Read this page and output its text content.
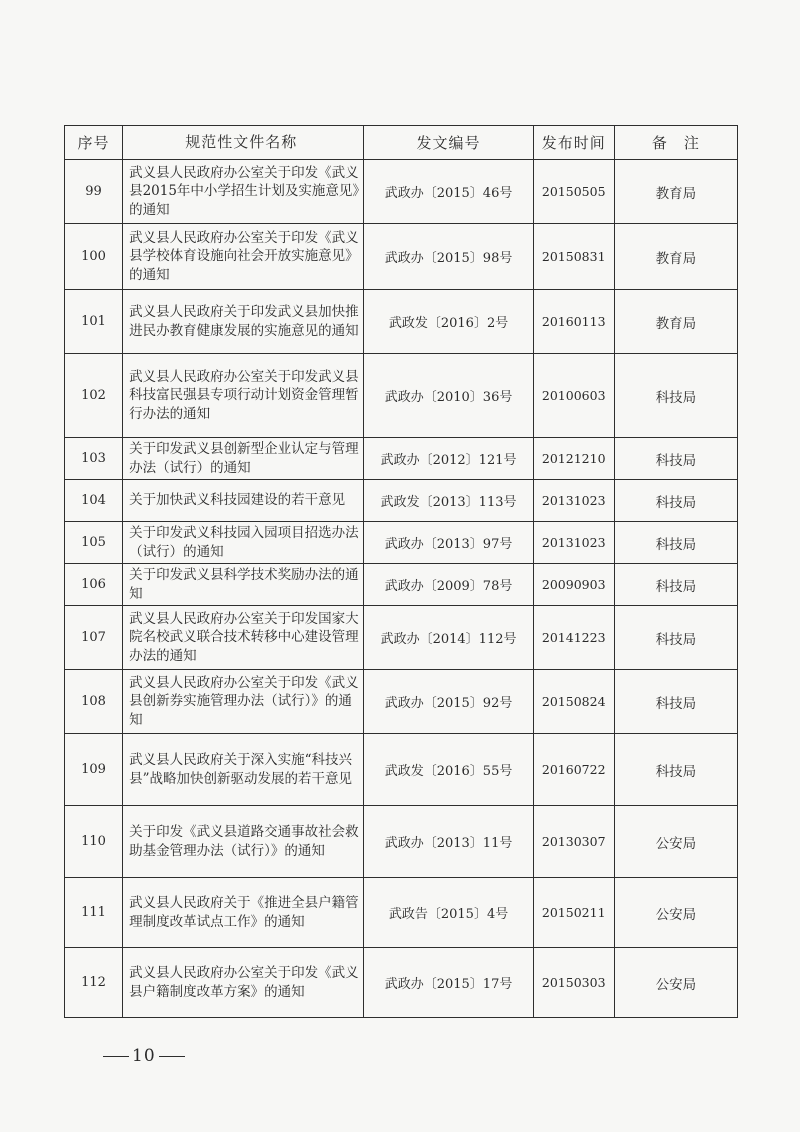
序号	规范性文件名称	发文编号	发布时间	备　注
99	武义县人民政府办公室关于印发《武义县2015年中小学招生计划及实施意见》的通知	武政办〔2015〕46号	20150505	教育局
100	武义县人民政府办公室关于印发《武义县学校体育设施向社会开放实施意见》的通知	武政办〔2015〕98号	20150831	教育局
101	武义县人民政府关于印发武义县加快推进民办教育健康发展的实施意见的通知	武政发〔2016〕2号	20160113	教育局
102	武义县人民政府办公室关于印发武义县科技富民强县专项行动计划资金管理暂行办法的通知	武政办〔2010〕36号	20100603	科技局
103	关于印发武义县创新型企业认定与管理办法（试行）的通知	武政办〔2012〕121号	20121210	科技局
104	关于加快武义科技园建设的若干意见	武政发〔2013〕113号	20131023	科技局
105	关于印发武义科技园入园项目招选办法（试行）的通知	武政办〔2013〕97号	20131023	科技局
106	关于印发武义县科学技术奖励办法的通知	武政办〔2009〕78号	20090903	科技局
107	武义县人民政府办公室关于印发国家大院名校武义联合技术转移中心建设管理办法的通知	武政办〔2014〕112号	20141223	科技局
108	武义县人民政府办公室关于印发《武义县创新券实施管理办法（试行）》的通知	武政办〔2015〕92号	20150824	科技局
109	武义县人民政府关于深入实施“科技兴县”战略加快创新驱动发展的若干意见	武政发〔2016〕55号	20160722	科技局
110	关于印发《武义县道路交通事故社会救助基金管理办法（试行）》的通知	武政办〔2013〕11号	20130307	公安局
111	武义县人民政府关于《推进全县户籍管理制度改革试点工作》的通知	武政告〔2015〕4号	20150211	公安局
112	武义县人民政府办公室关于印发《武义县户籍制度改革方案》的通知	武政办〔2015〕17号	20150303	公安局
10
